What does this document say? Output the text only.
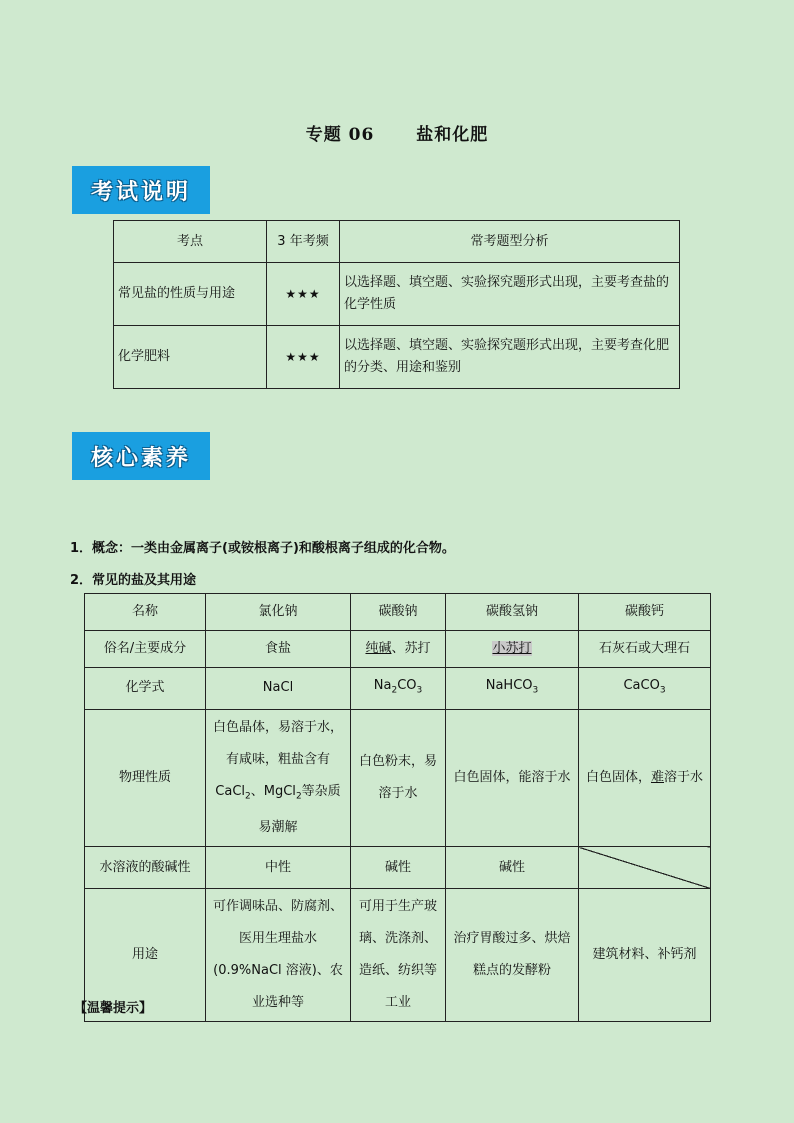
专题 06 盐和化肥
考试说明
考点	3 年考频	常考题型分析
常见盐的性质与用途	★★★	以选择题、填空题、实验探究题形式出现，主要考查盐的化学性质
化学肥料	★★★	以选择题、填空题、实验探究题形式出现，主要考查化肥的分类、用途和鉴别
核心素养
1．概念：一类由金属离子(或铵根离子)和酸根离子组成的化合物。
2．常见的盐及其用途
名称	氯化钠	碳酸钠	碳酸氢钠	碳酸钙
俗名/主要成分	食盐	纯碱、苏打	小苏打	石灰石或大理石
化学式	NaCl	$Na_2CO_3$	NaHCO$_3$	CaCO$_3$
物理性质	白色晶体，易溶于水，有咸味，粗盐含有CaCl$_2$、MgCl$_2$等杂质易潮解	白色粉末，易溶于水	白色固体，能溶于水	白色固体，难溶于水
水溶液的酸碱性	中性	碱性	碱性	
用途	可作调味品、防腐剂、医用生理盐水(0.9%NaCl 溶液)、农业选种等	可用于生产玻璃、洗涤剂、造纸、纺织等工业	治疗胃酸过多、烘焙糕点的发酵粉	建筑材料、补钙剂
【温馨提示】
